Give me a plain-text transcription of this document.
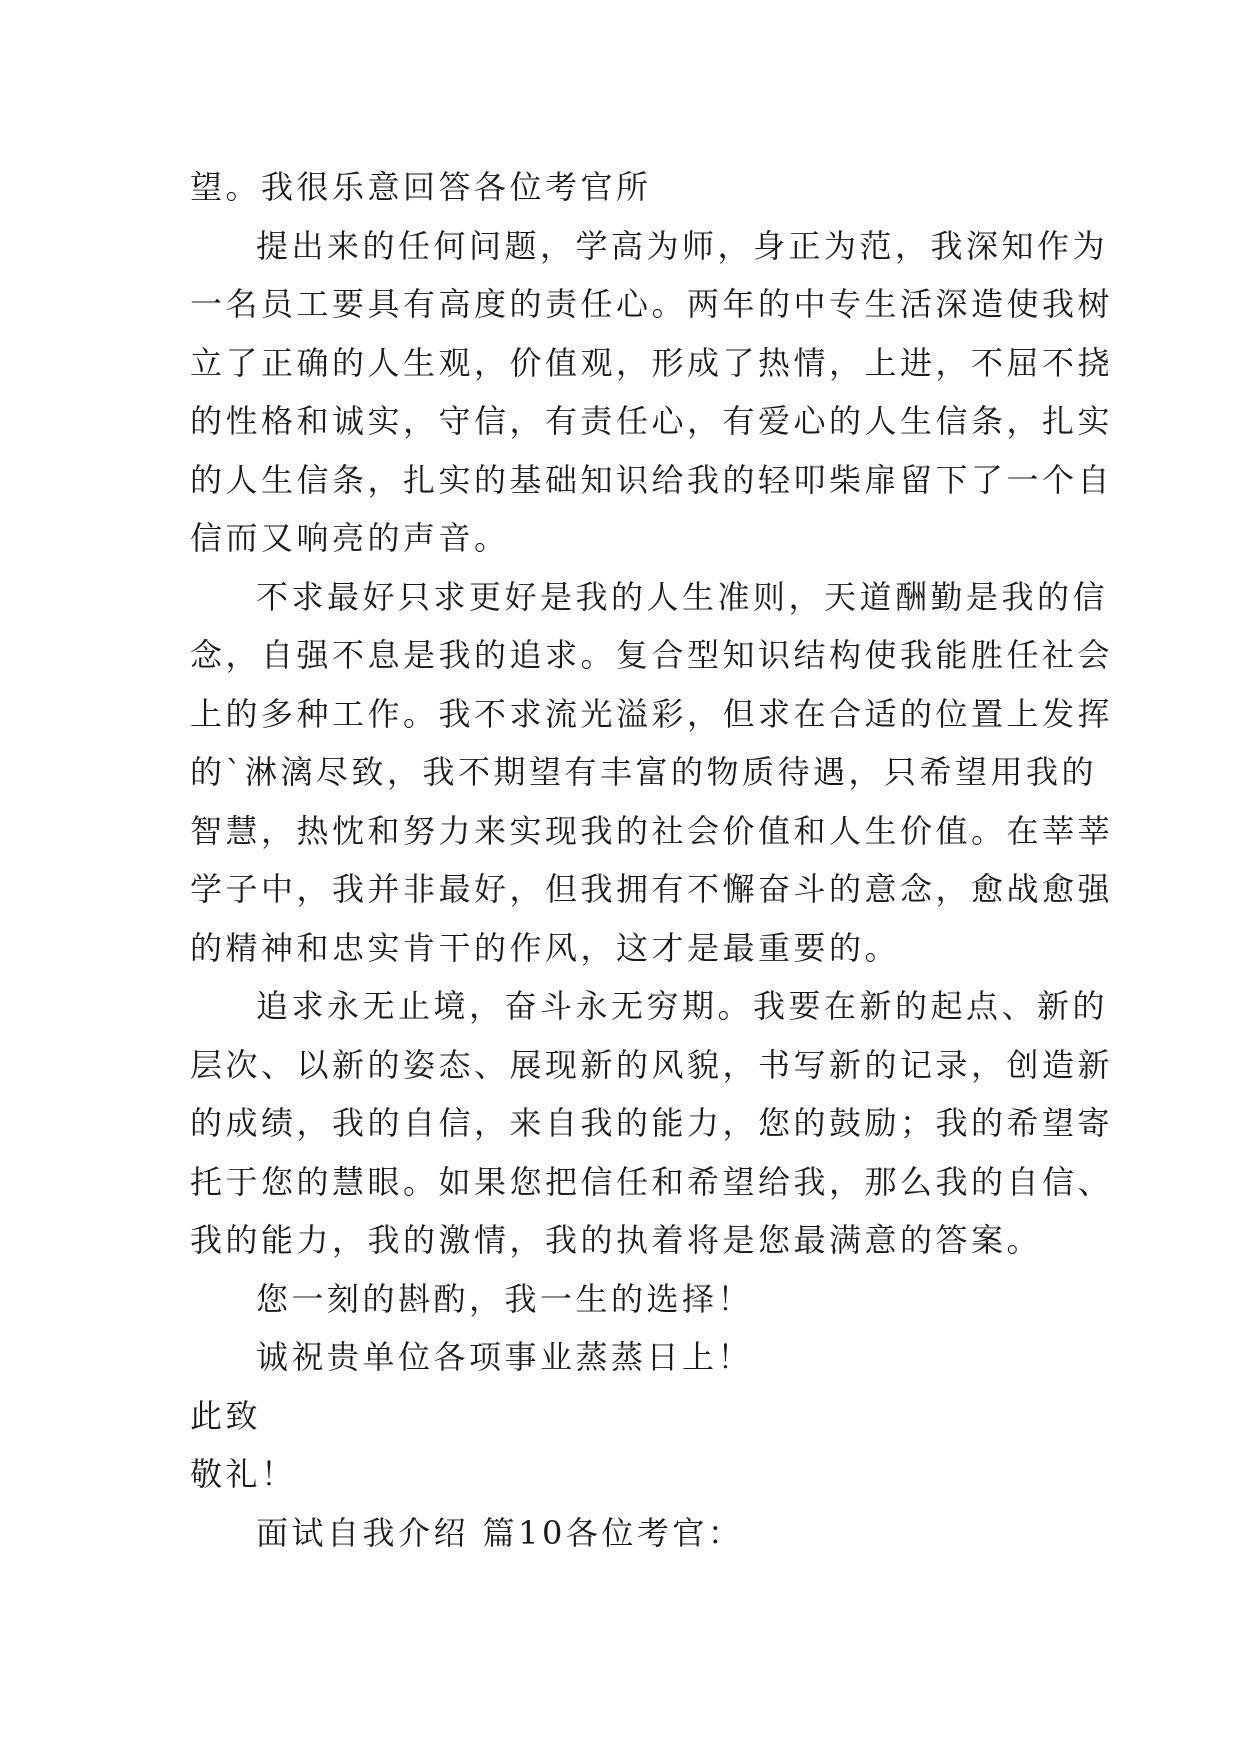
望。我很乐意回答各位考官所
提出来的任何问题，学高为师，身正为范，我深知作为
一名员工要具有高度的责任心。两年的中专生活深造使我树
立了正确的人生观，价值观，形成了热情，上进，不屈不挠
的性格和诚实，守信，有责任心，有爱心的人生信条，扎实
的人生信条，扎实的基础知识给我的轻叩柴扉留下了一个自
信而又响亮的声音。
不求最好只求更好是我的人生准则，天道酬勤是我的信
念，自强不息是我的追求。复合型知识结构使我能胜任社会
上的多种工作。我不求流光溢彩，但求在合适的位置上发挥
的`淋漓尽致，我不期望有丰富的物质待遇，只希望用我的
智慧，热忱和努力来实现我的社会价值和人生价值。在莘莘
学子中，我并非最好，但我拥有不懈奋斗的意念，愈战愈强
的精神和忠实肯干的作风，这才是最重要的。
追求永无止境，奋斗永无穷期。我要在新的起点、新的
层次、以新的姿态、展现新的风貌，书写新的记录，创造新
的成绩，我的自信，来自我的能力，您的鼓励；我的希望寄
托于您的慧眼。如果您把信任和希望给我，那么我的自信、
我的能力，我的激情，我的执着将是您最满意的答案。
您一刻的斟酌，我一生的选择！
诚祝贵单位各项事业蒸蒸日上！
此致
敬礼！
面试自我介绍 篇10各位考官：
